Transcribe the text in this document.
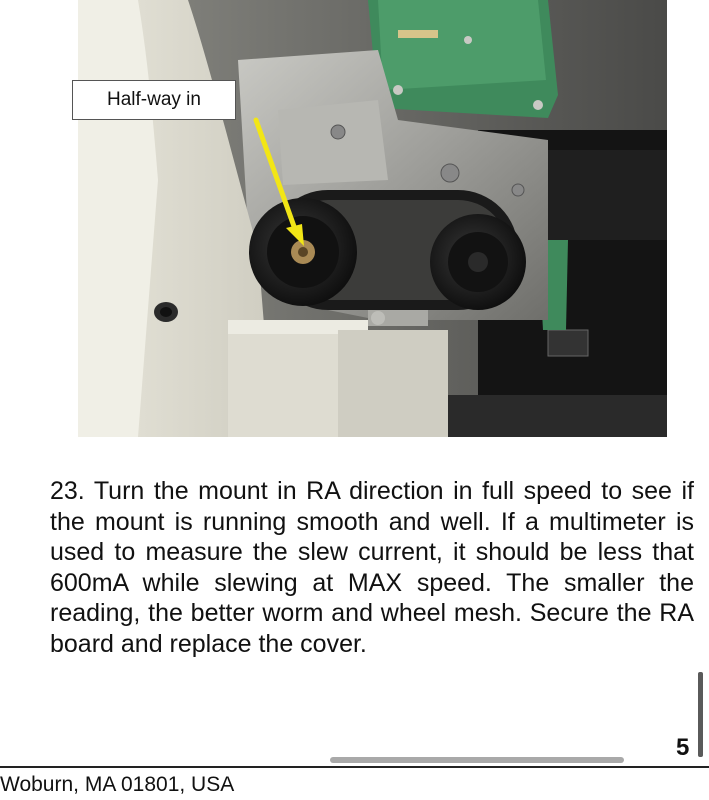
Half-way in

23. Turn the mount in RA direction in full speed to see if the mount is running smooth and well. If a multimeter is used to measure the slew current, it should be less that 600mA while slewing at MAX speed. The smaller the reading, the better worm and wheel mesh. Secure the RA board and replace the cover.

5
Woburn, MA 01801, USA
